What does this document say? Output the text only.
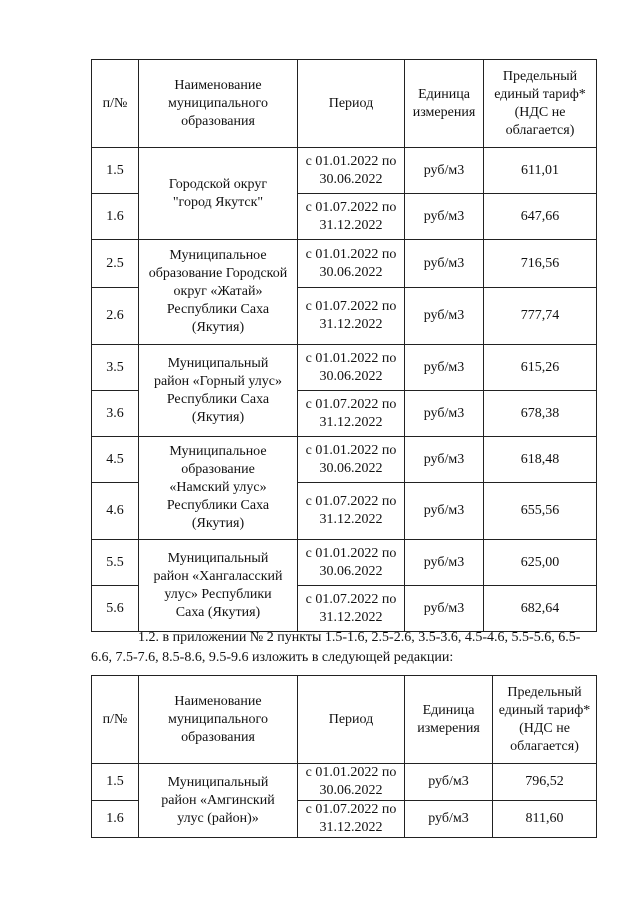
п/№	Наименование муниципального образования	Период	Единица измерения	Предельный единый тариф* (НДС не облагается)
1.5	Городской округ "город Якутск"	с 01.01.2022 по 30.06.2022	руб/м3	611,01
1.6		с 01.07.2022 по 31.12.2022	руб/м3	647,66
2.5	Муниципальное образование Городской округ «Жатай» Республики Саха (Якутия)	с 01.01.2022 по 30.06.2022	руб/м3	716,56
2.6		с 01.07.2022 по 31.12.2022	руб/м3	777,74
3.5	Муниципальный район «Горный улус» Республики Саха (Якутия)	с 01.01.2022 по 30.06.2022	руб/м3	615,26
3.6		с 01.07.2022 по 31.12.2022	руб/м3	678,38
4.5	Муниципальное образование «Намский улус» Республики Саха (Якутия)	с 01.01.2022 по 30.06.2022	руб/м3	618,48
4.6		с 01.07.2022 по 31.12.2022	руб/м3	655,56
5.5	Муниципальный район «Хангаласский улус» Республики Саха (Якутия)	с 01.01.2022 по 30.06.2022	руб/м3	625,00
5.6		с 01.07.2022 по 31.12.2022	руб/м3	682,64
1.2. в приложении № 2 пункты 1.5-1.6, 2.5-2.6, 3.5-3.6, 4.5-4.6, 5.5-5.6, 6.5-6.6, 7.5-7.6, 8.5-8.6, 9.5-9.6 изложить в следующей редакции:
п/№	Наименование муниципального образования	Период	Единица измерения	Предельный единый тариф* (НДС не облагается)
1.5	Муниципальный район «Амгинский улус (район)»	с 01.01.2022 по 30.06.2022	руб/м3	796,52
1.6		с 01.07.2022 по 31.12.2022	руб/м3	811,60
